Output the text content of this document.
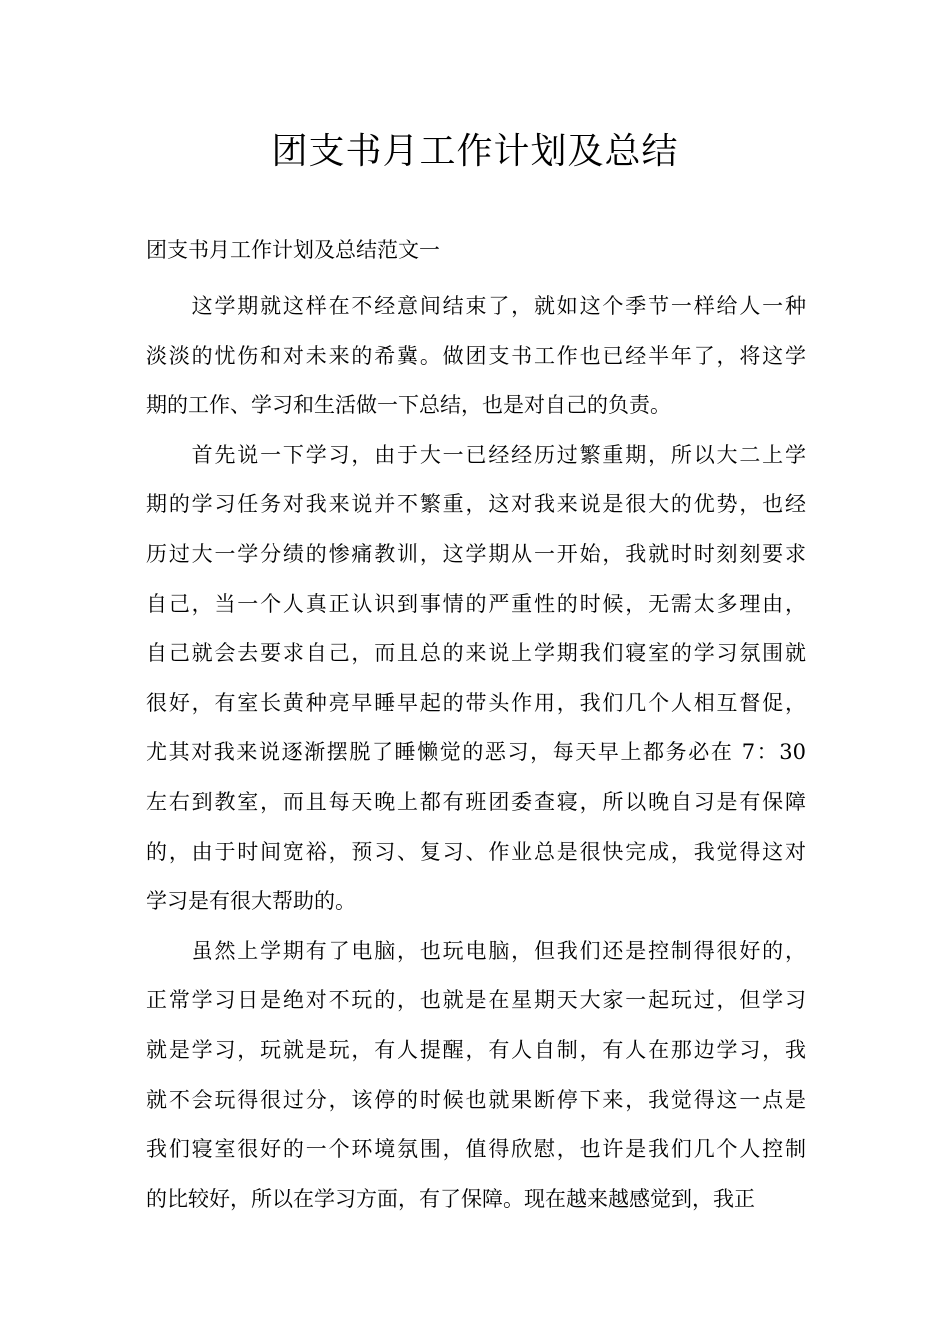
团支书月工作计划及总结

团支书月工作计划及总结范文一

　　这学期就这样在不经意间结束了，就如这个季节一样给人一种
淡淡的忧伤和对未来的希冀。做团支书工作也已经半年了，将这学
期的工作、学习和生活做一下总结，也是对自己的负责。
　　首先说一下学习，由于大一已经经历过繁重期，所以大二上学
期的学习任务对我来说并不繁重，这对我来说是很大的优势，也经
历过大一学分绩的惨痛教训，这学期从一开始，我就时时刻刻要求
自己，当一个人真正认识到事情的严重性的时候，无需太多理由，
自己就会去要求自己，而且总的来说上学期我们寝室的学习氛围就
很好，有室长黄种亮早睡早起的带头作用，我们几个人相互督促，
尤其对我来说逐渐摆脱了睡懒觉的恶习，每天早上都务必在 7：30
左右到教室，而且每天晚上都有班团委查寝，所以晚自习是有保障
的，由于时间宽裕，预习、复习、作业总是很快完成，我觉得这对
学习是有很大帮助的。
　　虽然上学期有了电脑，也玩电脑，但我们还是控制得很好的，
正常学习日是绝对不玩的，也就是在星期天大家一起玩过，但学习
就是学习，玩就是玩，有人提醒，有人自制，有人在那边学习，我
就不会玩得很过分，该停的时候也就果断停下来，我觉得这一点是
我们寝室很好的一个环境氛围，值得欣慰，也许是我们几个人控制
的比较好，所以在学习方面，有了保障。现在越来越感觉到，我正
